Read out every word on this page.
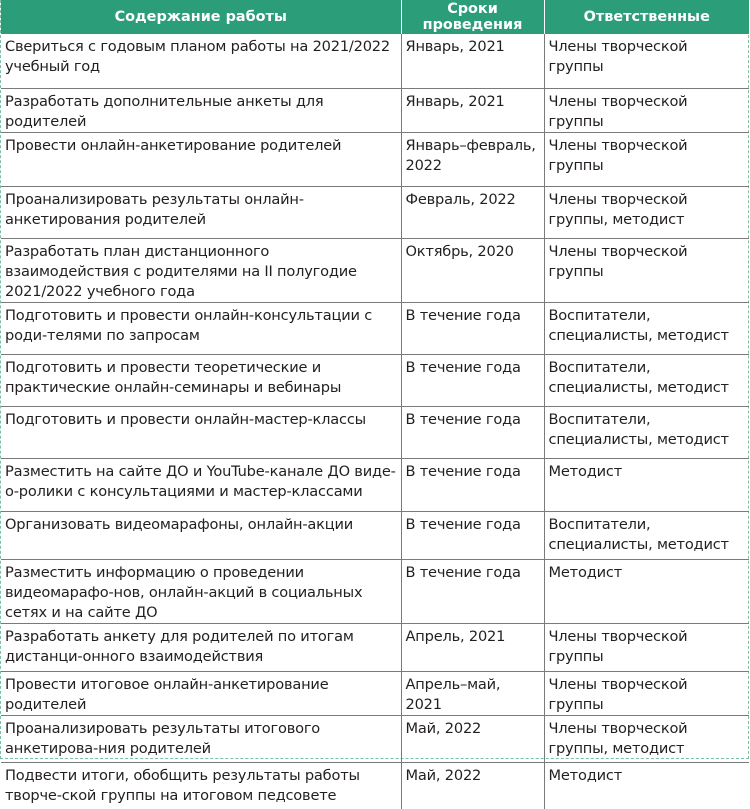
Содержание работы	Сроки проведения	Ответственные
Свериться с годовым планом работы на 2021/2022 учебный год	Январь, 2021	Члены творческой группы
Разработать дополнительные анкеты для родителей	Январь, 2021	Члены творческой группы
Провести онлайн-анкетирование родителей	Январь–февраль, 2022	Члены творческой группы
Проанализировать результаты онлайн-анкетирования родителей	Февраль, 2022	Члены творческой группы, методист
Разработать план дистанционного взаимодействия с родителями на II полугодие 2021/2022 учебного года	Октябрь, 2020	Члены творческой группы
Подготовить и провести онлайн-консультации с роди-телями по запросам	В течение года	Воспитатели, специалисты, методист
Подготовить и провести теоретические и практические онлайн-семинары и вебинары	В течение года	Воспитатели, специалисты, методист
Подготовить и провести онлайн-мастер-классы	В течение года	Воспитатели, специалисты, методист
Разместить на сайте ДО и YouTube-канале ДО виде-о-ролики с консультациями и мастер-классами	В течение года	Методист
Организовать видеомарафоны, онлайн-акции	В течение года	Воспитатели, специалисты, методист
Разместить информацию о проведении видеомарафо-нов, онлайн-акций в социальных сетях и на сайте ДО	В течение года	Методист
Разработать анкету для родителей по итогам дистанци-онного взаимодействия	Апрель, 2021	Члены творческой группы
Провести итоговое онлайн-анкетирование родителей	Апрель–май, 2021	Члены творческой группы
Проанализировать результаты итогового анкетирова-ния родителей	Май, 2022	Члены творческой группы, методист
Подвести итоги, обобщить результаты работы творче-ской группы на итоговом педсовете	Май, 2022	Методист
